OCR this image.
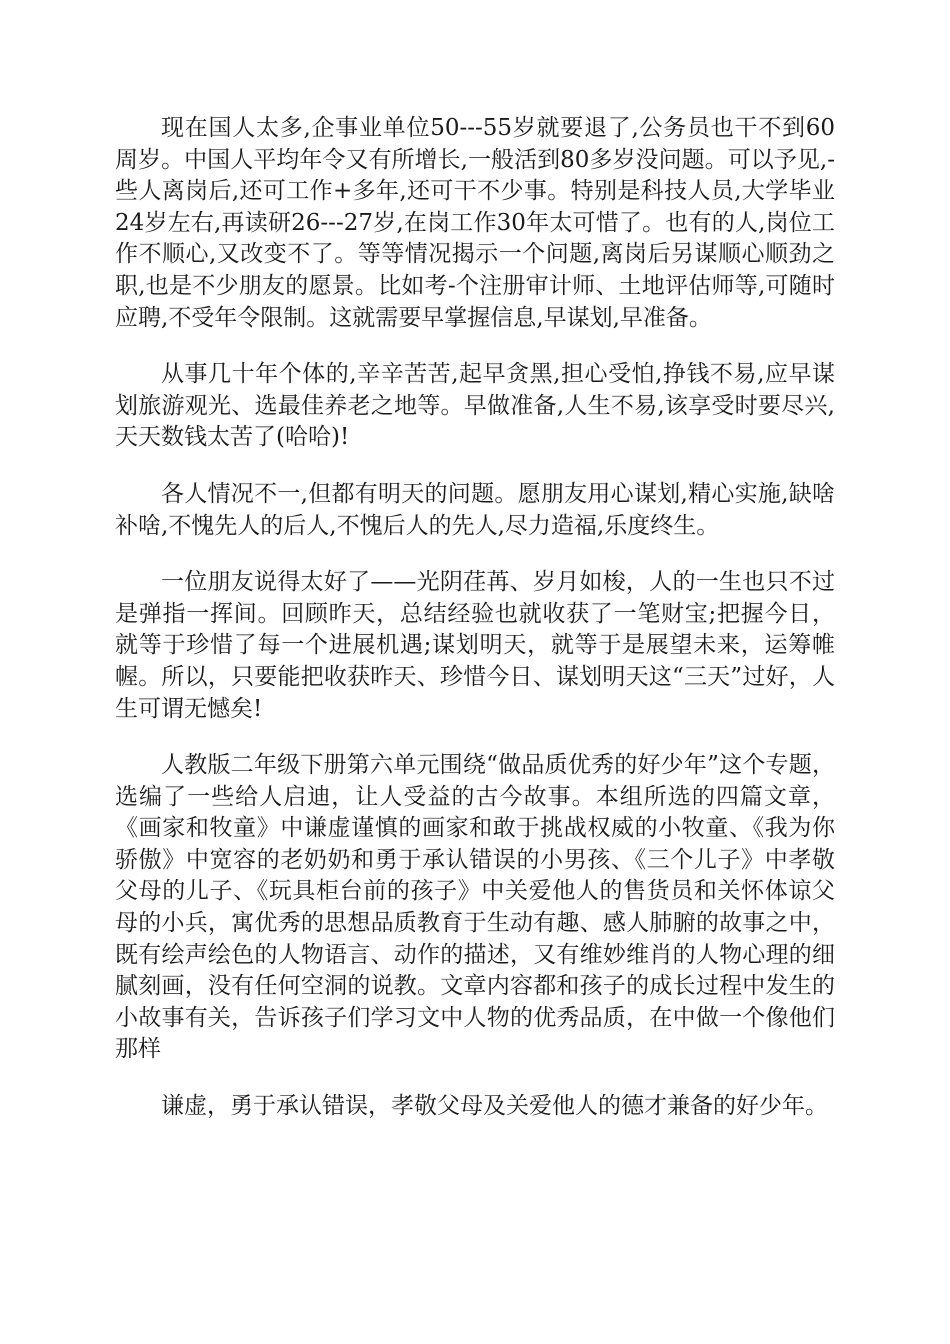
现在国人太多,企事业单位50---55岁就要退了,公务员也干不到60周岁。中国人平均年令又有所增长,一般活到80多岁没问题。可以予见,-些人离岗后,还可工作+多年,还可干不少事。特别是科技人员,大学毕业24岁左右,再读研26---27岁,在岗工作30年太可惜了。也有的人,岗位工作不顺心,又改变不了。等等情况揭示一个问题,离岗后另谋顺心顺劲之职,也是不少朋友的愿景。比如考-个注册审计师、土地评估师等,可随时应聘,不受年令限制。这就需要早掌握信息,早谋划,早准备。

从事几十年个体的,辛辛苦苦,起早贪黑,担心受怕,挣钱不易,应早谋划旅游观光、选最佳养老之地等。早做准备,人生不易,该享受时要尽兴,天天数钱太苦了(哈哈)!

各人情况不一,但都有明天的问题。愿朋友用心谋划,精心实施,缺啥补啥,不愧先人的后人,不愧后人的先人,尽力造福,乐度终生。

一位朋友说得太好了——光阴荏苒、岁月如梭，人的一生也只不过是弹指一挥间。回顾昨天，总结经验也就收获了一笔财宝;把握今日，就等于珍惜了每一个进展机遇;谋划明天，就等于是展望未来，运筹帷幄。所以，只要能把收获昨天、珍惜今日、谋划明天这“三天”过好，人生可谓无憾矣!

人教版二年级下册第六单元围绕“做品质优秀的好少年”这个专题，选编了一些给人启迪，让人受益的古今故事。本组所选的四篇文章，《画家和牧童》中谦虚谨慎的画家和敢于挑战权威的小牧童、《我为你骄傲》中宽容的老奶奶和勇于承认错误的小男孩、《三个儿子》中孝敬父母的儿子、《玩具柜台前的孩子》中关爱他人的售货员和关怀体谅父母的小兵，寓优秀的思想品质教育于生动有趣、感人肺腑的故事之中，既有绘声绘色的人物语言、动作的描述，又有维妙维肖的人物心理的细腻刻画，没有任何空洞的说教。文章内容都和孩子的成长过程中发生的小故事有关，告诉孩子们学习文中人物的优秀品质，在中做一个像他们那样

谦虚，勇于承认错误，孝敬父母及关爱他人的德才兼备的好少年。
